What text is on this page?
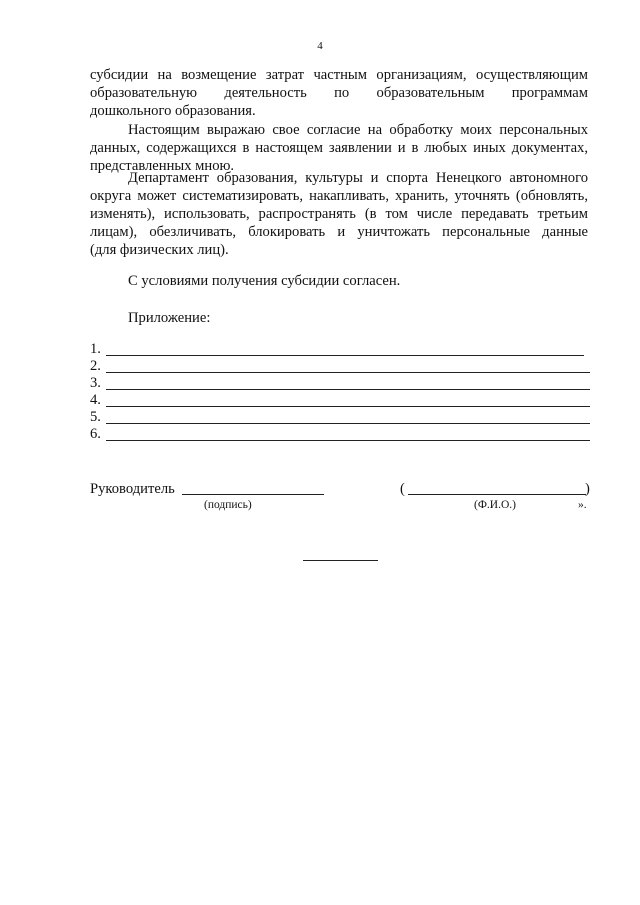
4
субсидии на возмещение затрат частным организациям, осуществляющим
образовательную деятельность по образовательным программам
дошкольного образования.
Настоящим выражаю свое согласие на обработку моих персональных
данных, содержащихся в настоящем заявлении и в любых иных документах,
представленных мною.
Департамент образования, культуры и спорта Ненецкого автономного
округа может систематизировать, накапливать, хранить, уточнять (обновлять,
изменять), использовать, распространять (в том числе передавать третьим
лицам), обезличивать, блокировать и уничтожать персональные данные
(для физических лиц).
С условиями получения субсидии согласен.
Приложение:
1.
2.
3.
4.
5.
6.
Руководитель	(	)
(подпись)	(Ф.И.О.)	».
